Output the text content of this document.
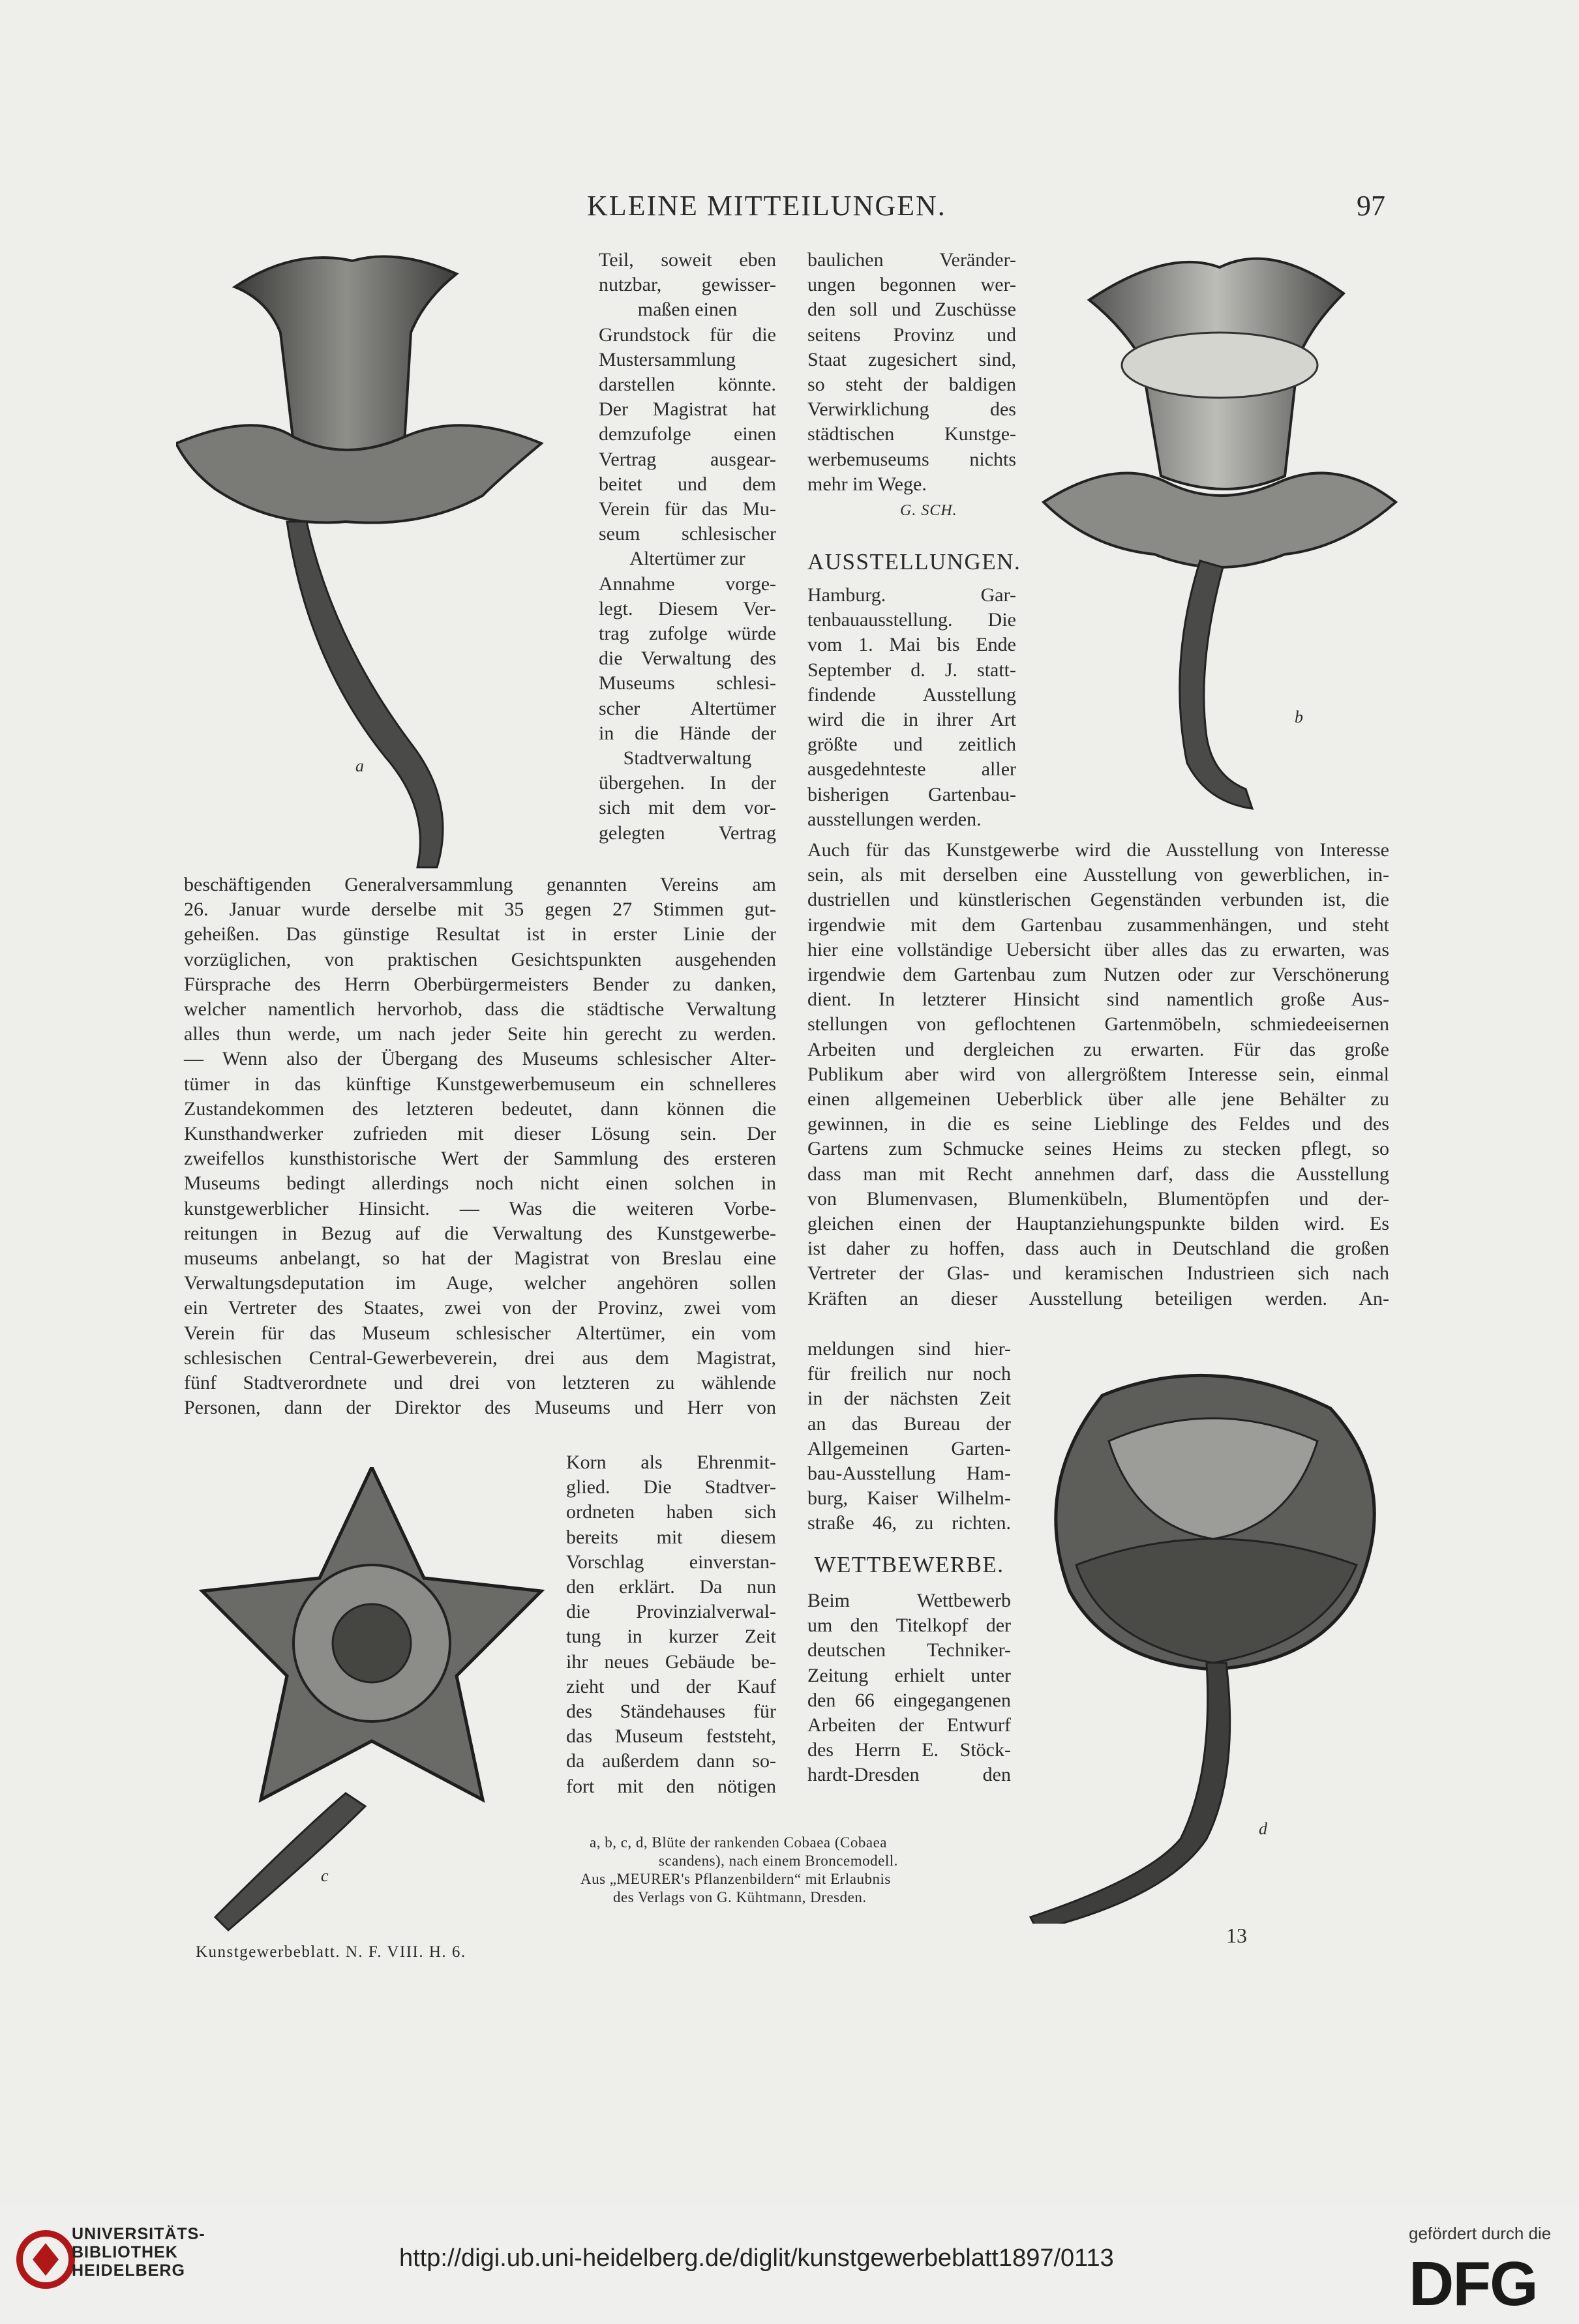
KLEINE MITTEILUNGEN.	97
a
b
c
d
Teil, soweit eben
nutzbar, gewisser-
maßen einen
Grundstock für die
Mustersammlung
darstellen könnte.
Der Magistrat hat
demzufolge einen
Vertrag ausgear-
beitet und dem
Verein für das Mu-
seum schlesischer
Altertümer zur
Annahme vorge-
legt. Diesem Ver-
trag zufolge würde
die Verwaltung des
Museums schlesi-
scher Altertümer
in die Hände der
Stadtverwaltung
übergehen. In der
sich mit dem vor-
gelegten Vertrag
beschäftigenden Generalversammlung genannten Vereins am
26. Januar wurde derselbe mit 35 gegen 27 Stimmen gut-
geheißen. Das günstige Resultat ist in erster Linie der
vorzüglichen, von praktischen Gesichtspunkten ausgehenden
Fürsprache des Herrn Oberbürgermeisters Bender zu danken,
welcher namentlich hervorhob, dass die städtische Verwaltung
alles thun werde, um nach jeder Seite hin gerecht zu werden.
— Wenn also der Übergang des Museums schlesischer Alter-
tümer in das künftige Kunstgewerbemuseum ein schnelleres
Zustandekommen des letzteren bedeutet, dann können die
Kunsthandwerker zufrieden mit dieser Lösung sein. Der
zweifellos kunsthistorische Wert der Sammlung des ersteren
Museums bedingt allerdings noch nicht einen solchen in
kunstgewerblicher Hinsicht. — Was die weiteren Vorbe-
reitungen in Bezug auf die Verwaltung des Kunstgewerbe-
museums anbelangt, so hat der Magistrat von Breslau eine
Verwaltungsdeputation im Auge, welcher angehören sollen
ein Vertreter des Staates, zwei von der Provinz, zwei vom
Verein für das Museum schlesischer Altertümer, ein vom
schlesischen Central-Gewerbeverein, drei aus dem Magistrat,
fünf Stadtverordnete und drei von letzteren zu wählende
Personen, dann der Direktor des Museums und Herr von
Korn als Ehrenmit-
glied. Die Stadtver-
ordneten haben sich
bereits mit diesem
Vorschlag einverstan-
den erklärt. Da nun
die Provinzialverwal-
tung in kurzer Zeit
ihr neues Gebäude be-
zieht und der Kauf
des Ständehauses für
das Museum feststeht,
da außerdem dann so-
fort mit den nötigen
baulichen Veränder-
ungen begonnen wer-
den soll und Zuschüsse
seitens Provinz und
Staat zugesichert sind,
so steht der baldigen
Verwirklichung des
städtischen Kunstge-
werbemuseums nichts
mehr im Wege.
G. SCH.
AUSSTELLUNGEN.
Hamburg. Gar-
tenbauausstellung. Die
vom 1. Mai bis Ende
September d. J. statt-
findende Ausstellung
wird die in ihrer Art
größte und zeitlich
ausgedehnteste aller
bisherigen Gartenbau-
ausstellungen werden.
Auch für das Kunstgewerbe wird die Ausstellung von Interesse
sein, als mit derselben eine Ausstellung von gewerblichen, in-
dustriellen und künstlerischen Gegenständen verbunden ist, die
irgendwie mit dem Gartenbau zusammenhängen, und steht
hier eine vollständige Uebersicht über alles das zu erwarten, was
irgendwie dem Gartenbau zum Nutzen oder zur Verschönerung
dient. In letzterer Hinsicht sind namentlich große Aus-
stellungen von geflochtenen Gartenmöbeln, schmiedeeisernen
Arbeiten und dergleichen zu erwarten. Für das große
Publikum aber wird von allergrößtem Interesse sein, einmal
einen allgemeinen Ueberblick über alle jene Behälter zu
gewinnen, in die es seine Lieblinge des Feldes und des
Gartens zum Schmucke seines Heims zu stecken pflegt, so
dass man mit Recht annehmen darf, dass die Ausstellung
von Blumenvasen, Blumenkübeln, Blumentöpfen und der-
gleichen einen der Hauptanziehungspunkte bilden wird. Es
ist daher zu hoffen, dass auch in Deutschland die großen
Vertreter der Glas- und keramischen Industrieen sich nach
Kräften an dieser Ausstellung beteiligen werden. An-
meldungen sind hier-
für freilich nur noch
in der nächsten Zeit
an das Bureau der
Allgemeinen Garten-
bau-Ausstellung Ham-
burg, Kaiser Wilhelm-
straße 46, zu richten.
WETTBEWERBE.
Beim Wettbewerb
um den Titelkopf der
deutschen Techniker-
Zeitung erhielt unter
den 66 eingegangenen
Arbeiten der Entwurf
des Herrn E. Stöck-
hardt-Dresden den
a, b, c, d, Blüte der rankenden Cobaea (Cobaea
scandens), nach einem Broncemodell.
Aus „MEURER's Pflanzenbildern“ mit Erlaubnis
des Verlags von G. Kühtmann, Dresden.
Kunstgewerbeblatt. N. F. VIII. H. 6.
13
UNIVERSITÄTS-
BIBLIOTHEK
HEIDELBERG	http://digi.ub.uni-heidelberg.de/diglit/kunstgewerbeblatt1897/0113
gefördert durch die
DFG
